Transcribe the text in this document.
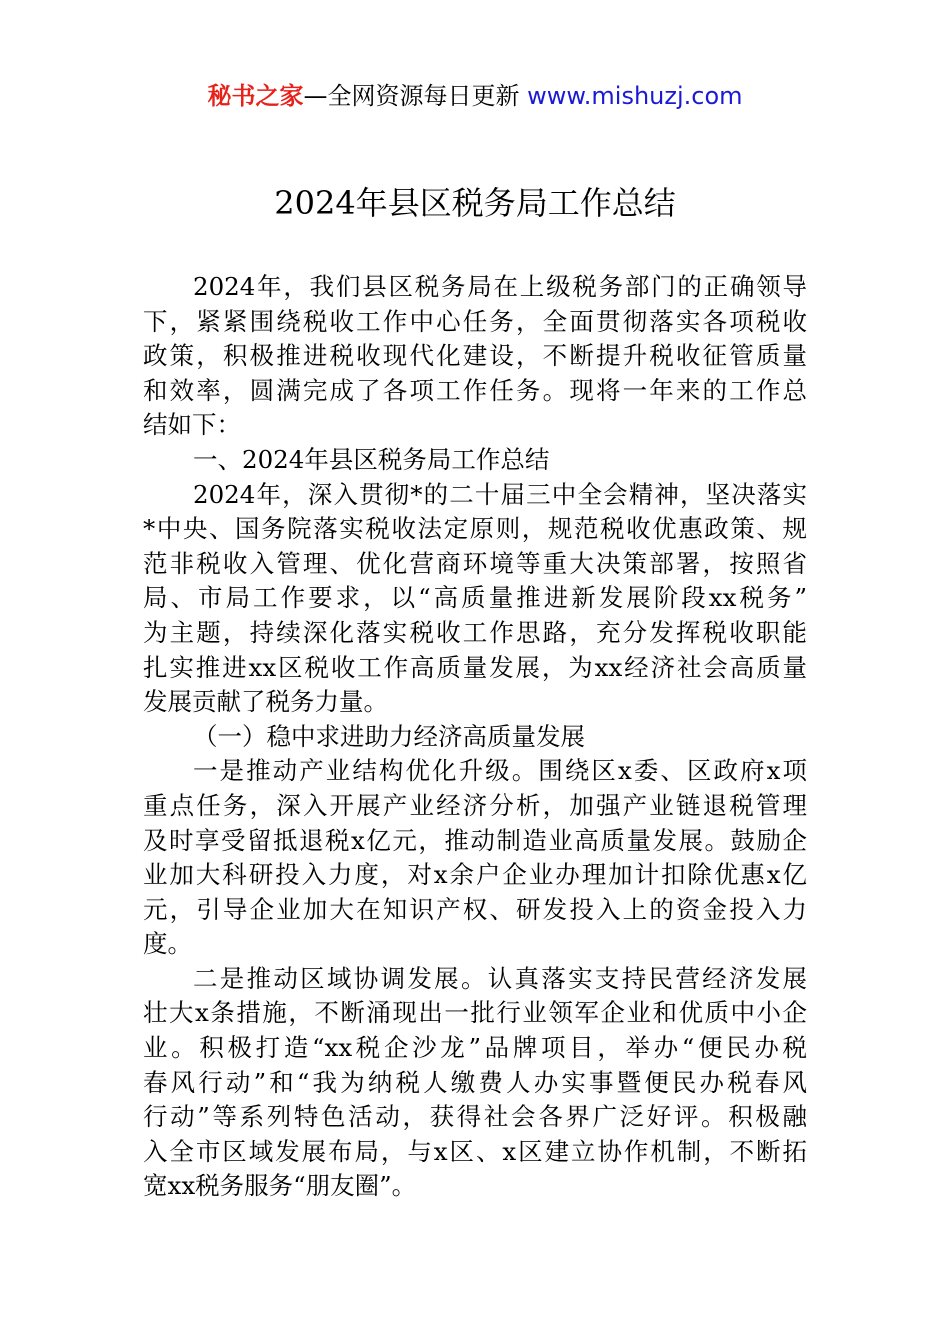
秘书之家—全网资源每日更新 www.mishuzj.com
2024年县区税务局工作总结
2024年，我们县区税务局在上级税务部门的正确领导
下，紧紧围绕税收工作中心任务，全面贯彻落实各项税收
政策，积极推进税收现代化建设，不断提升税收征管质量
和效率，圆满完成了各项工作任务。现将一年来的工作总
结如下：
一、2024年县区税务局工作总结
2024年，深入贯彻*的二十届三中全会精神，坚决落实
*中央、国务院落实税收法定原则，规范税收优惠政策、规
范非税收入管理、优化营商环境等重大决策部署，按照省
局、市局工作要求，以“高质量推进新发展阶段xx税务”
为主题，持续深化落实税收工作思路，充分发挥税收职能
扎实推进xx区税收工作高质量发展，为xx经济社会高质量
发展贡献了税务力量。
（一）稳中求进助力经济高质量发展
一是推动产业结构优化升级。围绕区x委、区政府x项
重点任务，深入开展产业经济分析，加强产业链退税管理
及时享受留抵退税x亿元，推动制造业高质量发展。鼓励企
业加大科研投入力度，对x余户企业办理加计扣除优惠x亿
元，引导企业加大在知识产权、研发投入上的资金投入力
度。
二是推动区域协调发展。认真落实支持民营经济发展
壮大x条措施，不断涌现出一批行业领军企业和优质中小企
业。积极打造“xx税企沙龙”品牌项目，举办“便民办税
春风行动”和“我为纳税人缴费人办实事暨便民办税春风
行动”等系列特色活动，获得社会各界广泛好评。积极融
入全市区域发展布局，与x区、x区建立协作机制，不断拓
宽xx税务服务“朋友圈”。
